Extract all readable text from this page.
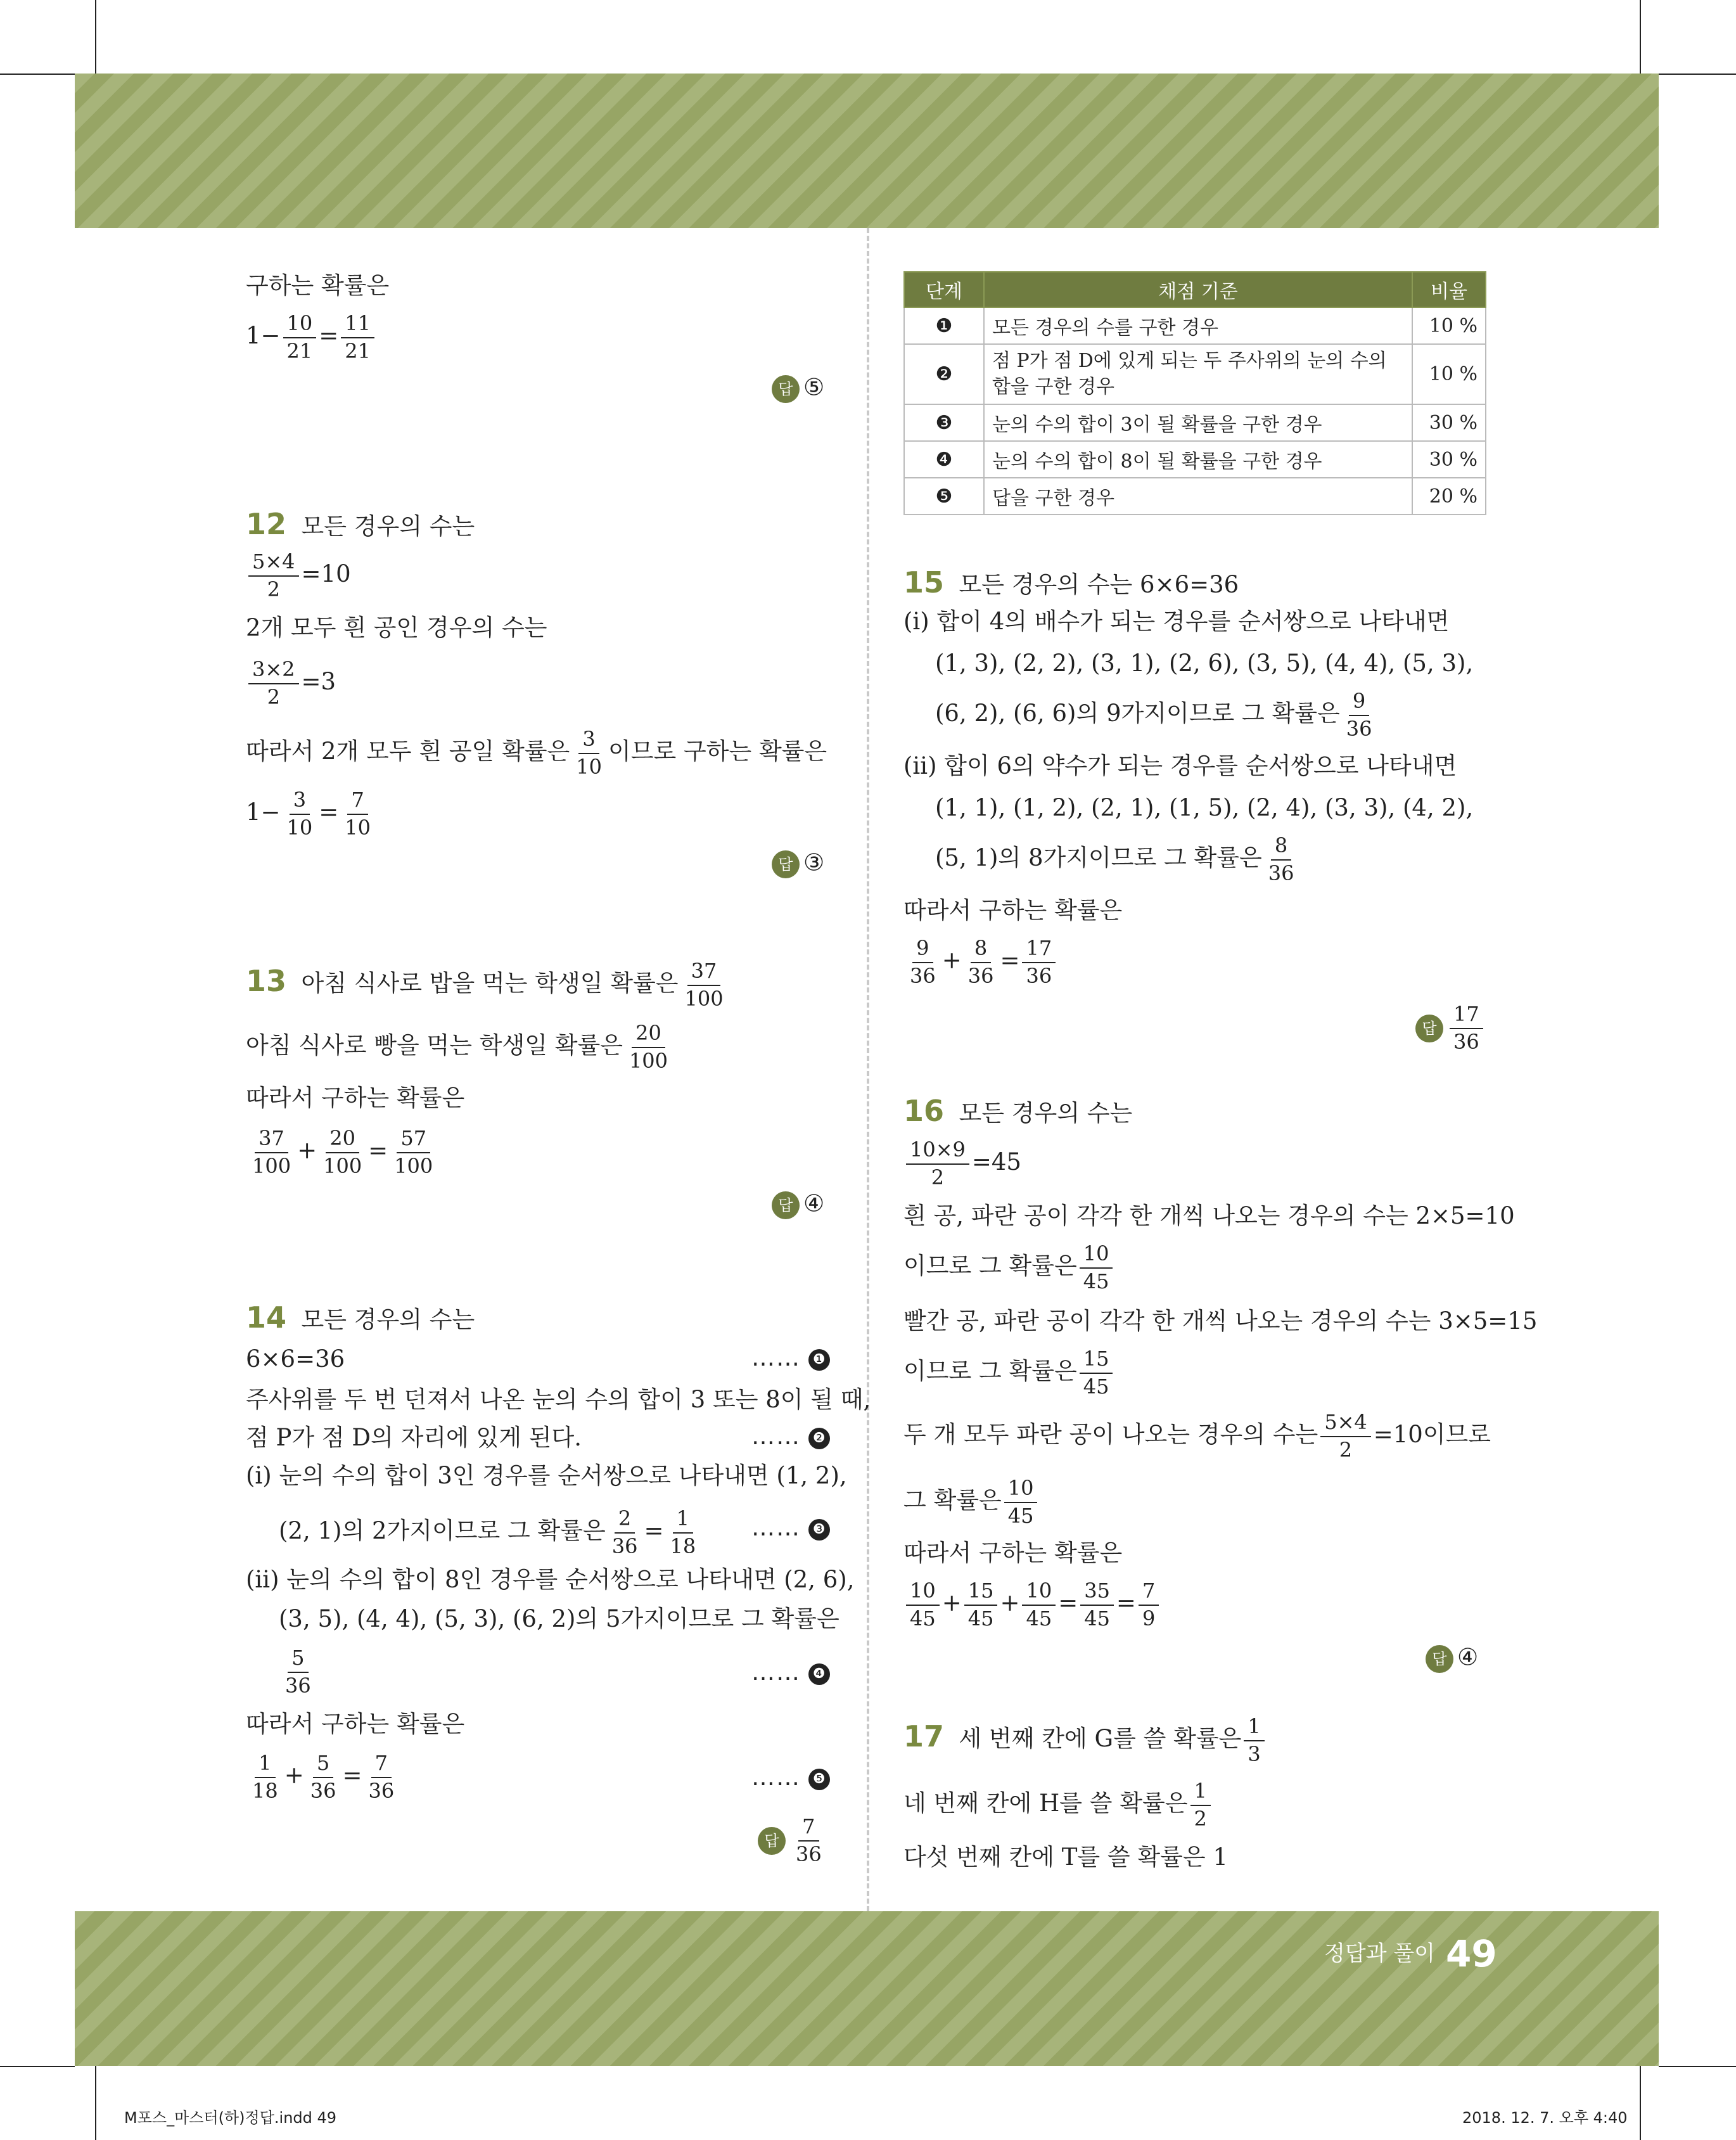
구하는 확률은
$1- \frac{10}{21} = \frac{11}{21}$
답 ⑤
12 모든 경우의 수는
$\frac{5\times 4}{2} =10$
2개 모두 흰 공인 경우의 수는
$\frac{3\times 2}{2} =3$
따라서 2개 모두 흰 공일 확률은 $\frac{3}{10}$ 이므로 구하는 확률은
$1- \frac{3}{10} = \frac{7}{10}$
답 ③
13 아침 식사로 밥을 먹는 학생일 확률은 $\frac{37}{100}$
아침 식사로 빵을 먹는 학생일 확률은 $\frac{20}{100}$
따라서 구하는 확률은
$\frac{37}{100} + \frac{20}{100} = \frac{57}{100}$
답 ④
14 모든 경우의 수는
6×6=36	…… ❶
주사위를 두 번 던져서 나온 눈의 수의 합이 3 또는 8이 될 때,
점 P가 점 D의 자리에 있게 된다.	…… ❷
(ⅰ) 눈의 수의 합이 3인 경우를 순서쌍으로 나타내면 (1, 2),
(2, 1)의 2가지이므로 그 확률은 $\frac{2}{36} = \frac{1}{18}$ …… ❸
(ⅱ) 눈의 수의 합이 8인 경우를 순서쌍으로 나타내면 (2, 6),
(3, 5), (4, 4), (5, 3), (6, 2)의 5가지이므로 그 확률은
$\frac{5}{36}$	…… ❹
따라서 구하는 확률은
$\frac{1}{18} + \frac{5}{36} = \frac{7}{36}$	…… ❺
답 $\frac{7}{36}$
단계	채점 기준	비율
❶	모든 경우의 수를 구한 경우	10 %
❷	점 P가 점 D에 있게 되는 두 주사위의 눈의 수의 합을 구한 경우	10 %
❸	눈의 수의 합이 3이 될 확률을 구한 경우	30 %
❹	눈의 수의 합이 8이 될 확률을 구한 경우	30 %
❺	답을 구한 경우	20 %
15 모든 경우의 수는 6×6=36
(ⅰ) 합이 4의 배수가 되는 경우를 순서쌍으로 나타내면
(1, 3), (2, 2), (3, 1), (2, 6), (3, 5), (4, 4), (5, 3),
(6, 2), (6, 6)의 9가지이므로 그 확률은 $\frac{9}{36}$
(ⅱ) 합이 6의 약수가 되는 경우를 순서쌍으로 나타내면
(1, 1), (1, 2), (2, 1), (1, 5), (2, 4), (3, 3), (4, 2),
(5, 1)의 8가지이므로 그 확률은 $\frac{8}{36}$
따라서 구하는 확률은
$\frac{9}{36} + \frac{8}{36} = \frac{17}{36}$
답 $\frac{17}{36}$
16 모든 경우의 수는
$\frac{10\times 9}{2} =45$
흰 공, 파란 공이 각각 한 개씩 나오는 경우의 수는 2×5=10
이므로 그 확률은 $\frac{10}{45}$
빨간 공, 파란 공이 각각 한 개씩 나오는 경우의 수는 3×5=15
이므로 그 확률은 $\frac{15}{45}$
두 개 모두 파란 공이 나오는 경우의 수는 $\frac{5\times 4}{2} =10$이므로
그 확률은 $\frac{10}{45}$
따라서 구하는 확률은
$\frac{10}{45} + \frac{15}{45} + \frac{10}{45} = \frac{35}{45} = \frac{7}{9}$
답 ④
17 세 번째 칸에 G를 쓸 확률은 $\frac{1}{3}$
네 번째 칸에 H를 쓸 확률은 $\frac{1}{2}$
다섯 번째 칸에 T를 쓸 확률은 1
정답과 풀이 49
M포스_마스터(하)정답.indd 49	2018. 12. 7. 오후 4:40
